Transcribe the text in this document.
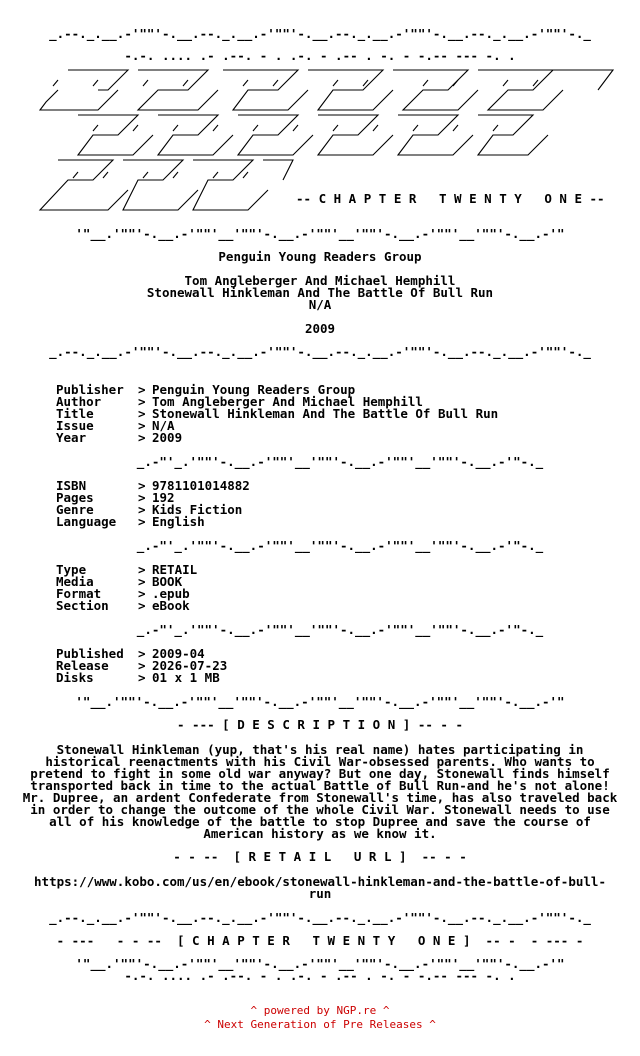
_.--._.__.-'""'-.__.--._.__.-'""'-.__.--._.__.-'""'-.__.--._.__.-'""'-._
-.-. .... .- .--. - . .-. - .-- . -. - -.-- --- -. .
-- C H A P T E R   T W E N T Y   O N E --
'"__.'""'-.__.-'""'__'""'-.__.-'""'__'""'-.__.-'""'__'""'-.__.-'"
Penguin Young Readers Group
Tom Angleberger And Michael Hemphill
Stonewall Hinkleman And The Battle Of Bull Run
N/A
2009
_.--._.__.-'""'-.__.--._.__.-'""'-.__.--._.__.-'""'-.__.--._.__.-'""'-._
Publisher > Penguin Young Readers Group
Author	> Tom Angleberger And Michael Hemphill
Title	> Stonewall Hinkleman And The Battle Of Bull Run
Issue	> N/A
Year	> 2009
_.-"'_.'""'-.__.-'""'__'""'-.__.-'""'__'""'-.__.-'"-._
ISBN	> 9781101014882
Pages	> 192
Genre	> Kids Fiction
Language > English
_.-"'_.'""'-.__.-'""'__'""'-.__.-'""'__'""'-.__.-'"-._
Type	> RETAIL
Media	> BOOK
Format	> .epub
Section > eBook
_.-"'_.'""'-.__.-'""'__'""'-.__.-'""'__'""'-.__.-'"-._
Published > 2009-04
Release > 2026-07-23
Disks	> 01 x 1 MB
'"__.'""'-.__.-'""'__'""'-.__.-'""'__'""'-.__.-'""'__'""'-.__.-'"
- --- [ D E S C R I P T I O N ] -- - -
Stonewall Hinkleman (yup, that's his real name) hates participating in historical reenactments with his Civil War-obsessed parents. Who wants to pretend to fight in some old war anyway? But one day, Stonewall finds himself transported back in time to the actual Battle of Bull Run-and he's not alone! Mr. Dupree, an ardent Confederate from Stonewall's time, has also traveled back in order to change the outcome of the whole Civil War. Stonewall needs to use all of his knowledge of the battle to stop Dupree and save the course of American history as we know it.
- - --  [ R E T A I L   U R L ]  -- - -
https://www.kobo.com/us/en/ebook/stonewall-hinkleman-and-the-battle-of-bull-run
_.--._.__.-'""'-.__.--._.__.-'""'-.__.--._.__.-'""'-.__.--._.__.-'""'-._
- ---   - - --  [ C H A P T E R   T W E N T Y   O N E ]  -- -  - --- -
'"__.'""'-.__.-'""'__'""'-.__.-'""'__'""'-.__.-'""'__'""'-.__.-'"
-.-. .... .- .--. - . .-. - .-- . -. - -.-- --- -. .
^ powered by NGP.re ^
^ Next Generation of Pre Releases ^
